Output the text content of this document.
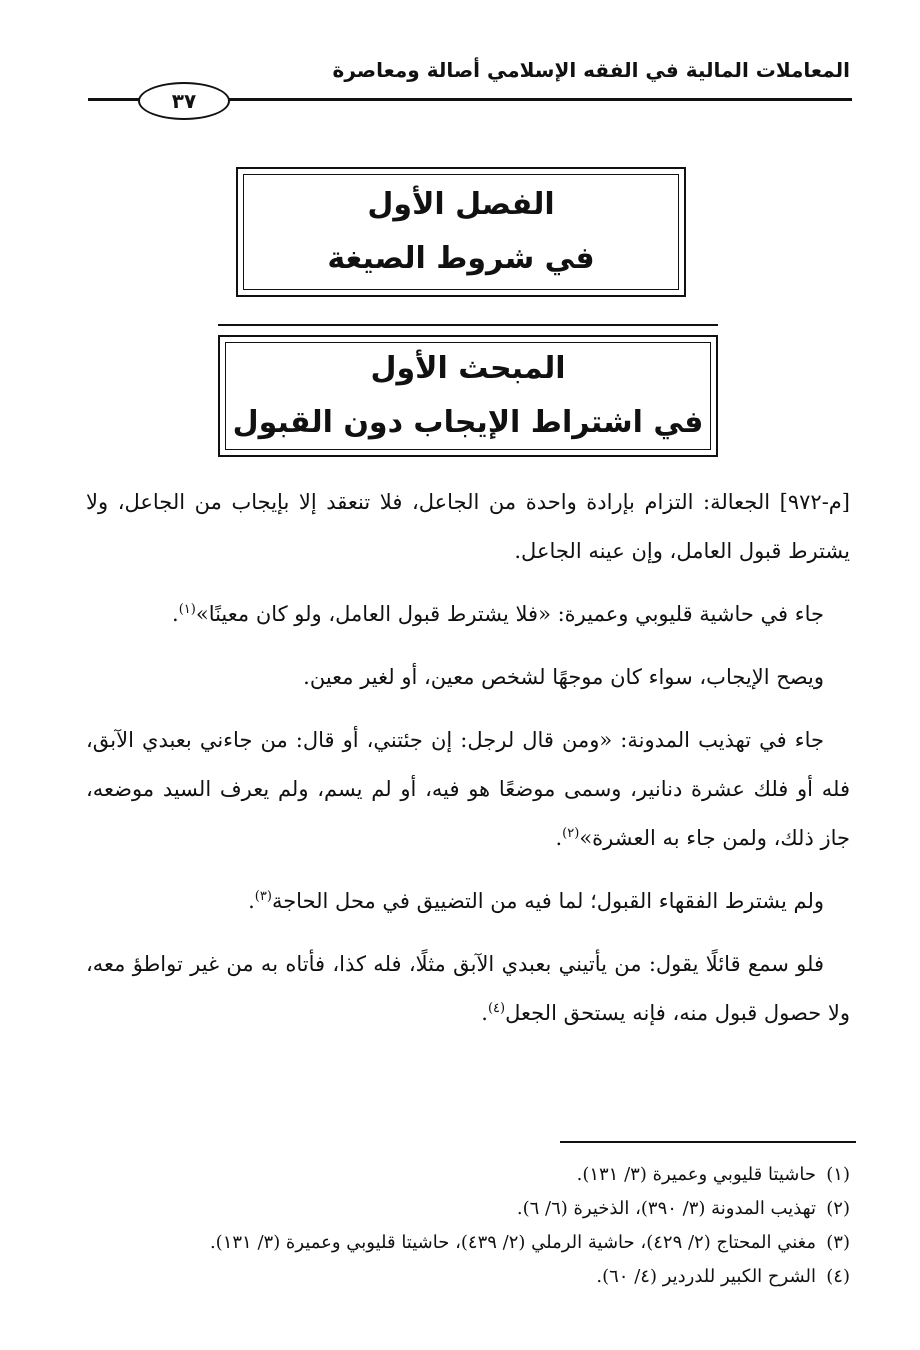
المعاملات المالية في الفقه الإسلامي أصالة ومعاصرة
٣٧
الفصل الأول
في شروط الصيغة
المبحث الأول
في اشتراط الإيجاب دون القبول

[م-٩٧٢] الجعالة: التزام بإرادة واحدة من الجاعل، فلا تنعقد إلا بإيجاب من الجاعل، ولا يشترط قبول العامل، وإن عينه الجاعل.

جاء في حاشية قليوبي وعميرة: «فلا يشترط قبول العامل، ولو كان معينًا»$^{(١)}$.

ويصح الإيجاب، سواء كان موجهًا لشخص معين، أو لغير معين.

جاء في تهذيب المدونة: «ومن قال لرجل: إن جئتني، أو قال: من جاءني بعبدي الآبق، فله أو فلك عشرة دنانير، وسمى موضعًا هو فيه، أو لم يسم، ولم يعرف السيد موضعه، جاز ذلك، ولمن جاء به العشرة»$^{(٢)}$.

ولم يشترط الفقهاء القبول؛ لما فيه من التضييق في محل الحاجة$^{(٣)}$.

فلو سمع قائلًا يقول: من يأتيني بعبدي الآبق مثلًا، فله كذا، فأتاه به من غير تواطؤ معه، ولا حصول قبول منه، فإنه يستحق الجعل$^{(٤)}$.

(١)حاشيتا قليوبي وعميرة (٣/ ١٣١).
(٢)تهذيب المدونة (٣/ ٣٩٠)، الذخيرة (٦/ ٦).
(٣)مغني المحتاج (٢/ ٤٢٩)، حاشية الرملي (٢/ ٤٣٩)، حاشيتا قليوبي وعميرة (٣/ ١٣١).
(٤)الشرح الكبير للدردير (٤/ ٦٠).
